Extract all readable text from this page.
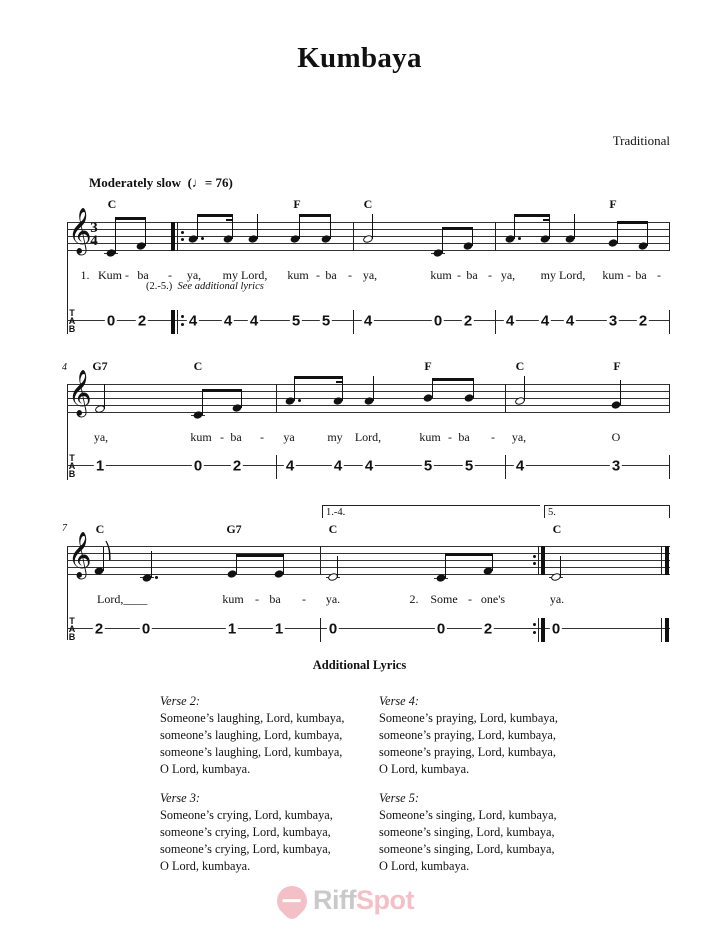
Kumbaya
Traditional
Moderately slow (♩= 76)
𝄞
3
4
C	F	C	F
1. Kum - ba - ya, my Lord, kum - ba - ya,	kum - ba - ya, my Lord, kum - ba -
(2.-5.) See additional lyrics
T
A
B 0 2	4 4 4 5 5 4	0 2 4 4 4 3 2
4
𝄞
G7	C	F	C	F
ya,	kum - ba - ya	my Lord,	kum - ba - ya,	O
T
A
B 1	0 2	4	4 4	5 5	4	3
7
1.-4.	5.
𝄞
C	G7	C	C
⎞
Lord,____	kum - ba - ya.	2. Some - one's	ya.
T
A
B 2	0	1	1	0	0	2	0
Additional Lyrics
Verse 2:
Someone’s laughing, Lord, kumbaya,
someone’s laughing, Lord, kumbaya,
someone’s laughing, Lord, kumbaya,
O Lord, kumbaya.
Verse 4:
Someone’s praying, Lord, kumbaya,
someone’s praying, Lord, kumbaya,
someone’s praying, Lord, kumbaya,
O Lord, kumbaya.
Verse 3:
Someone’s crying, Lord, kumbaya,
someone’s crying, Lord, kumbaya,
someone’s crying, Lord, kumbaya,
O Lord, kumbaya.
Verse 5:
Someone’s singing, Lord, kumbaya,
someone’s singing, Lord, kumbaya,
someone’s singing, Lord, kumbaya,
O Lord, kumbaya.
RiffSpot
